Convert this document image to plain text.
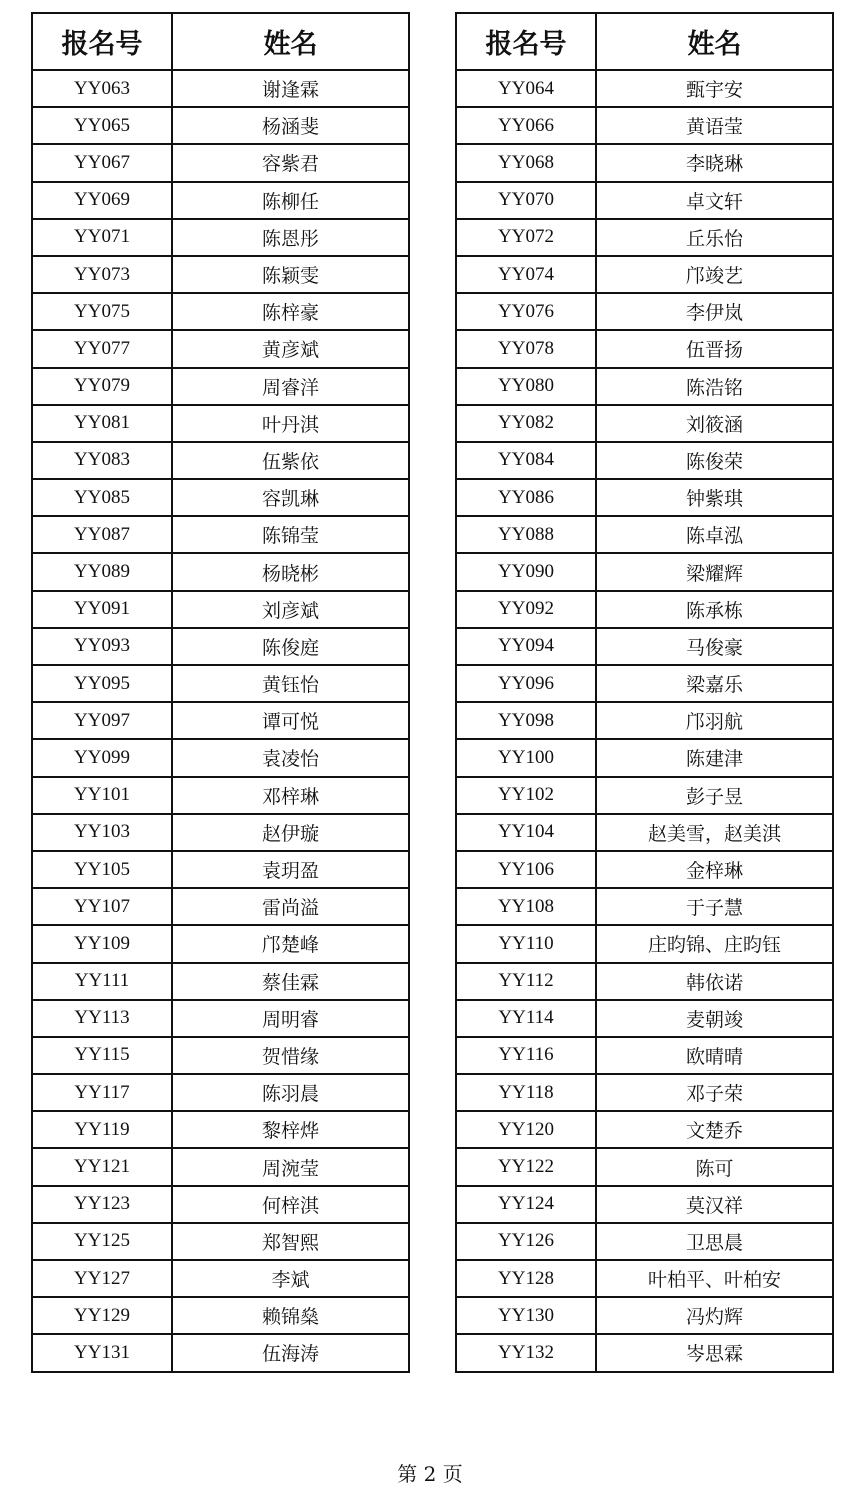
报名号	姓名
YY063	谢逢霖
YY065	杨涵斐
YY067	容紫君
YY069	陈柳任
YY071	陈恩彤
YY073	陈颖雯
YY075	陈梓豪
YY077	黄彦斌
YY079	周睿洋
YY081	叶丹淇
YY083	伍紫依
YY085	容凯琳
YY087	陈锦莹
YY089	杨晓彬
YY091	刘彦斌
YY093	陈俊庭
YY095	黄钰怡
YY097	谭可悦
YY099	袁凌怡
YY101	邓梓琳
YY103	赵伊璇
YY105	袁玥盈
YY107	雷尚溢
YY109	邝楚峰
YY111	蔡佳霖
YY113	周明睿
YY115	贺惜缘
YY117	陈羽晨
YY119	黎梓烨
YY121	周涴莹
YY123	何梓淇
YY125	郑智熙
YY127	李斌
YY129	赖锦燊
YY131	伍海涛
报名号	姓名
YY064	甄宇安
YY066	黄语莹
YY068	李晓琳
YY070	卓文轩
YY072	丘乐怡
YY074	邝竣艺
YY076	李伊岚
YY078	伍晋扬
YY080	陈浩铭
YY082	刘筱涵
YY084	陈俊荣
YY086	钟紫琪
YY088	陈卓泓
YY090	梁耀辉
YY092	陈承栋
YY094	马俊豪
YY096	梁嘉乐
YY098	邝羽航
YY100	陈建津
YY102	彭子昱
YY104	赵美雪，赵美淇
YY106	金梓琳
YY108	于子慧
YY110	庄昀锦、庄昀钰
YY112	韩依诺
YY114	麦朝竣
YY116	欧晴晴
YY118	邓子荣
YY120	文楚乔
YY122	陈可
YY124	莫汉祥
YY126	卫思晨
YY128	叶柏平、叶柏安
YY130	冯灼辉
YY132	岑思霖
第 2 页
